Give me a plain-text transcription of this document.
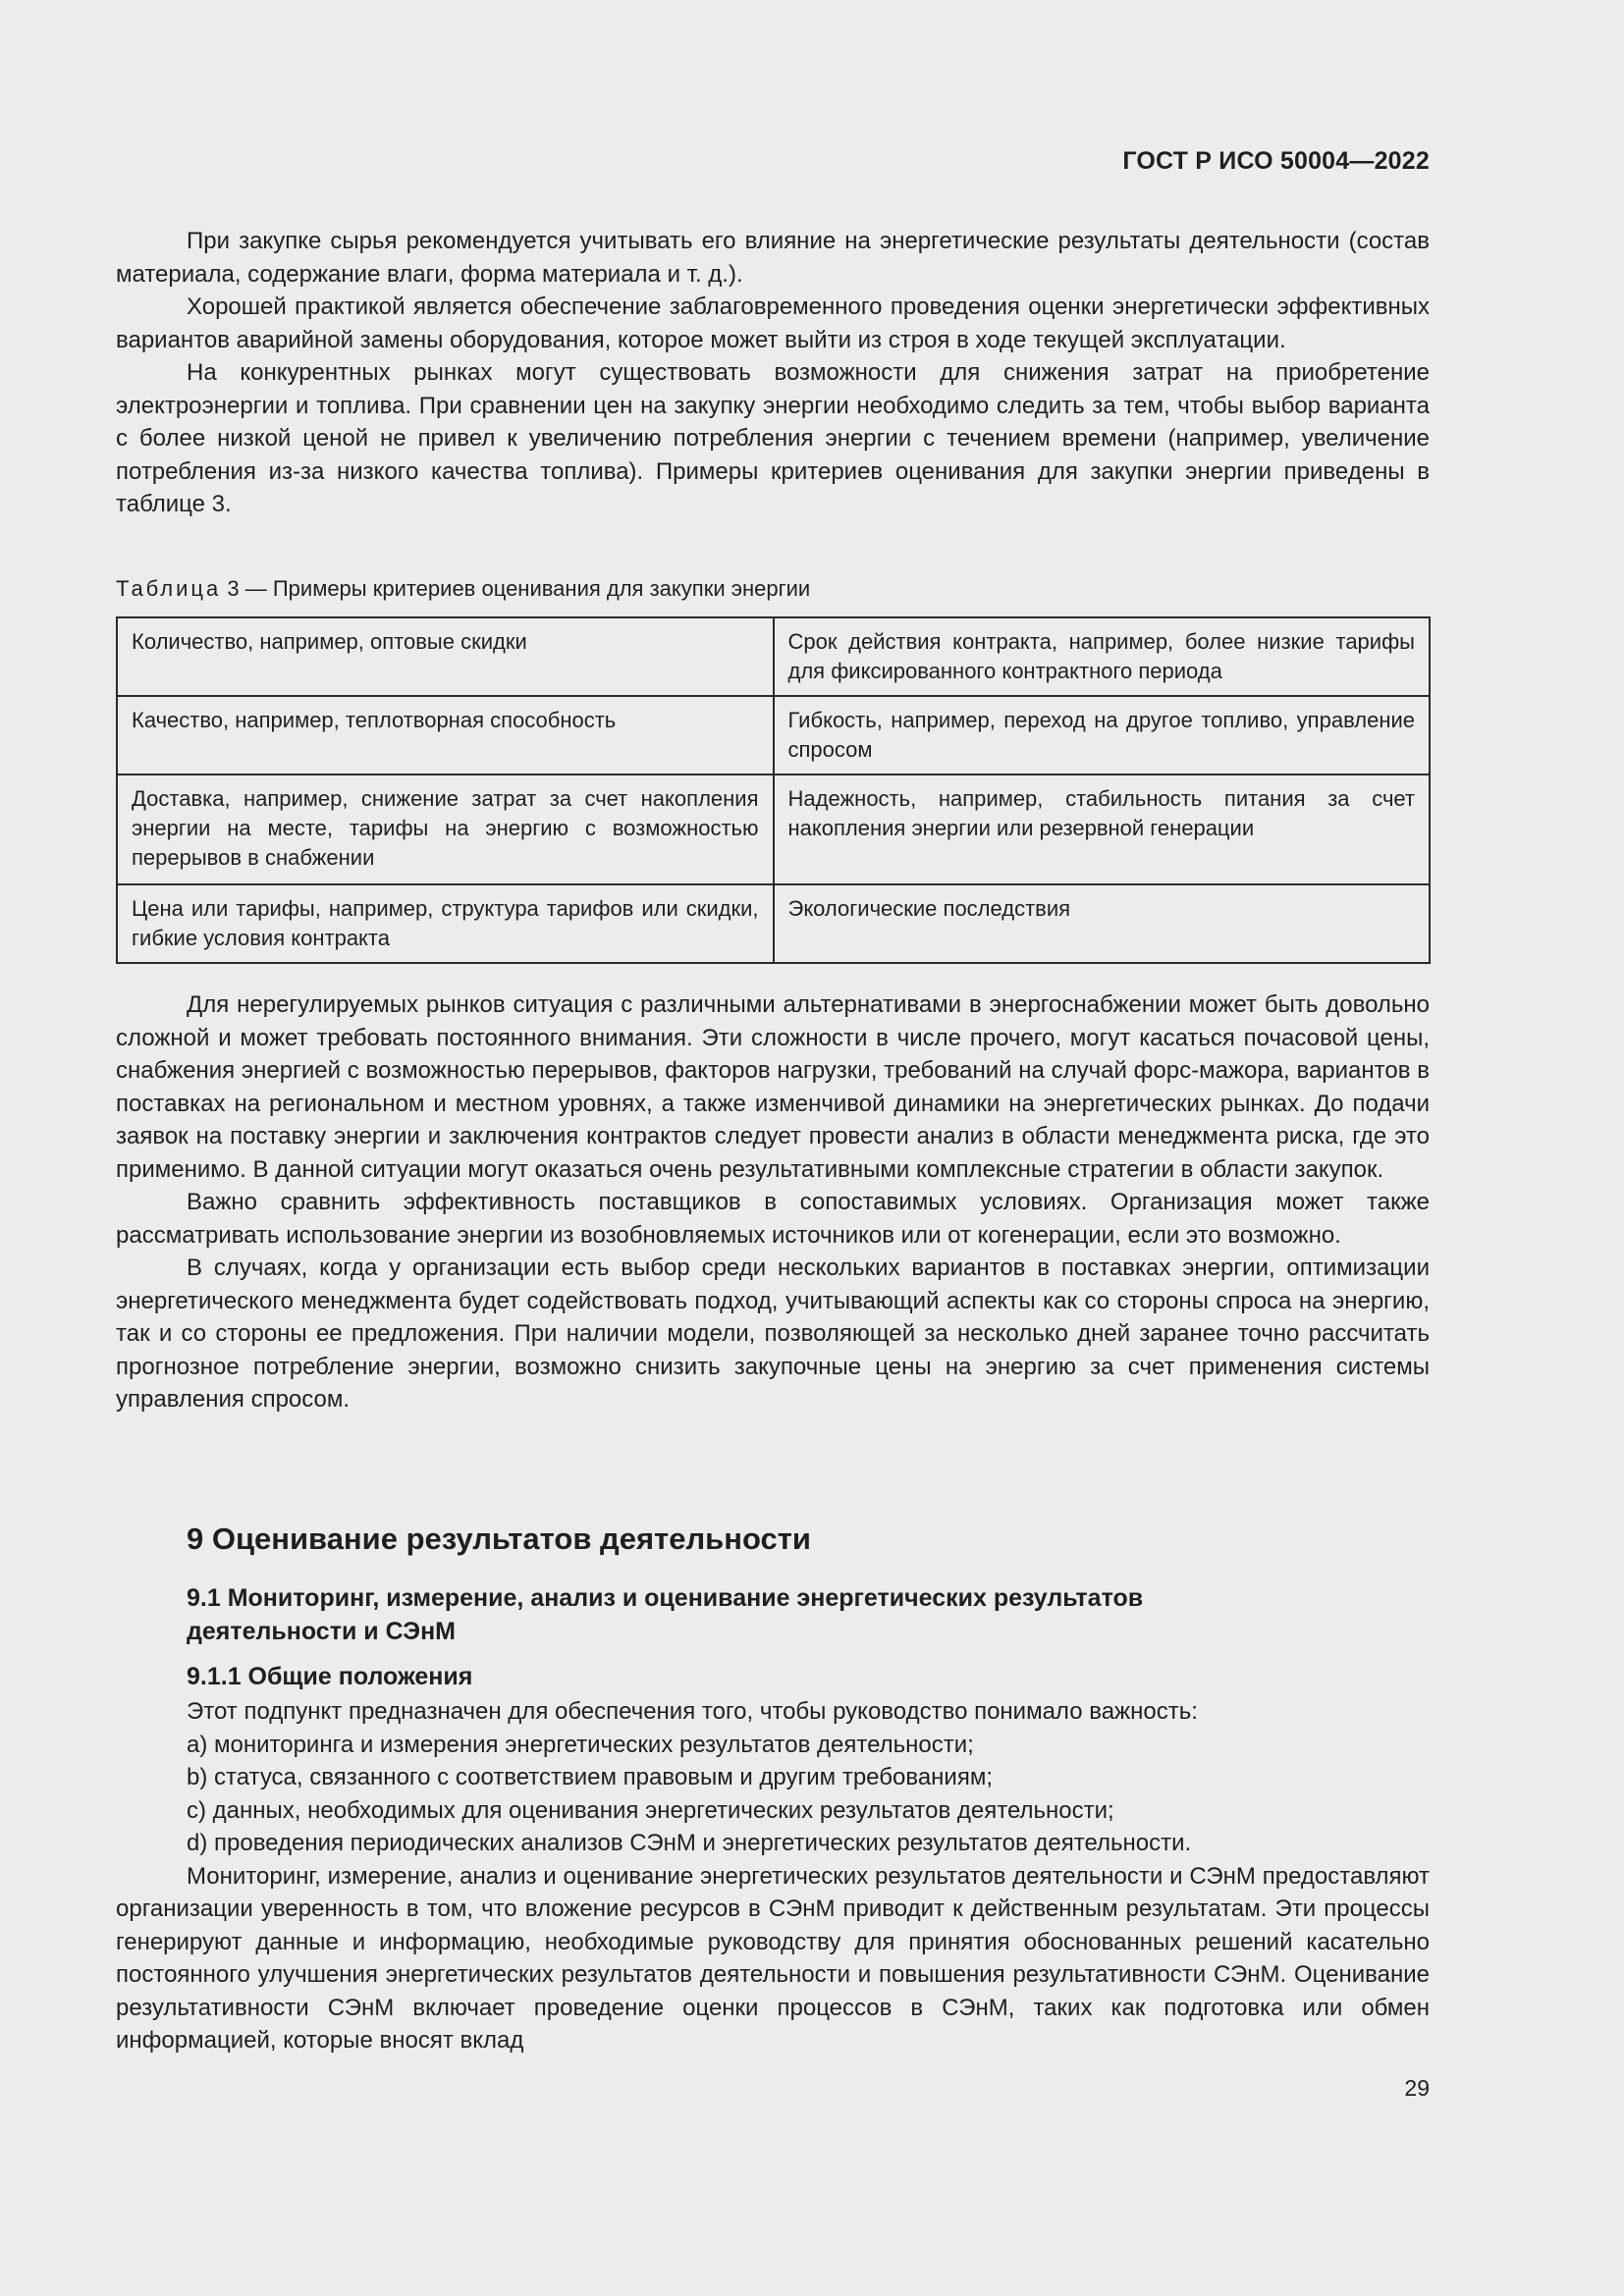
ГОСТ Р ИСО 50004—2022

При закупке сырья рекомендуется учитывать его влияние на энергетические результаты деятельности (состав материала, содержание влаги, форма материала и т. д.).

Хорошей практикой является обеспечение заблаговременного проведения оценки энергетически эффективных вариантов аварийной замены оборудования, которое может выйти из строя в ходе текущей эксплуатации.

На конкурентных рынках могут существовать возможности для снижения затрат на приобретение электроэнергии и топлива. При сравнении цен на закупку энергии необходимо следить за тем, чтобы выбор варианта с более низкой ценой не привел к увеличению потребления энергии с течением времени (например, увеличение потребления из-за низкого качества топлива). Примеры критериев оценивания для закупки энергии приведены в таблице 3.

Таблица 3 — Примеры критериев оценивания для закупки энергии
Количество, например, оптовые скидки	Срок действия контракта, например, более низкие тарифы для фиксированного контрактного периода
Качество, например, теплотворная способность	Гибкость, например, переход на другое топливо, управление спросом
Доставка, например, снижение затрат за счет накопления энергии на месте, тарифы на энергию с возможностью перерывов в снабжении	Надежность, например, стабильность питания за счет накопления энергии или резервной генерации
Цена или тарифы, например, структура тарифов или скидки, гибкие условия контракта	Экологические последствия

Для нерегулируемых рынков ситуация с различными альтернативами в энергоснабжении может быть довольно сложной и может требовать постоянного внимания. Эти сложности в числе прочего, могут касаться почасовой цены, снабжения энергией с возможностью перерывов, факторов нагрузки, требований на случай форс-мажора, вариантов в поставках на региональном и местном уровнях, а также изменчивой динамики на энергетических рынках. До подачи заявок на поставку энергии и заключения контрактов следует провести анализ в области менеджмента риска, где это применимо. В данной ситуации могут оказаться очень результативными комплексные стратегии в области закупок.

Важно сравнить эффективность поставщиков в сопоставимых условиях. Организация может также рассматривать использование энергии из возобновляемых источников или от когенерации, если это возможно.

В случаях, когда у организации есть выбор среди нескольких вариантов в поставках энергии, оптимизации энергетического менеджмента будет содействовать подход, учитывающий аспекты как со стороны спроса на энергию, так и со стороны ее предложения. При наличии модели, позволяющей за несколько дней заранее точно рассчитать прогнозное потребление энергии, возможно снизить закупочные цены на энергию за счет применения системы управления спросом.

9 Оценивание результатов деятельности
9.1 Мониторинг, измерение, анализ и оценивание энергетических результатов деятельности и СЭнМ
9.1.1 Общие положения

Этот подпункт предназначен для обеспечения того, чтобы руководство понимало важность:

a) мониторинга и измерения энергетических результатов деятельности;

b) статуса, связанного с соответствием правовым и другим требованиям;

c) данных, необходимых для оценивания энергетических результатов деятельности;

d) проведения периодических анализов СЭнМ и энергетических результатов деятельности.

Мониторинг, измерение, анализ и оценивание энергетических результатов деятельности и СЭнМ предоставляют организации уверенность в том, что вложение ресурсов в СЭнМ приводит к действенным результатам. Эти процессы генерируют данные и информацию, необходимые руководству для принятия обоснованных решений касательно постоянного улучшения энергетических результатов деятельности и повышения результативности СЭнМ. Оценивание результативности СЭнМ включает проведение оценки процессов в СЭнМ, таких как подготовка или обмен информацией, которые вносят вклад

29
